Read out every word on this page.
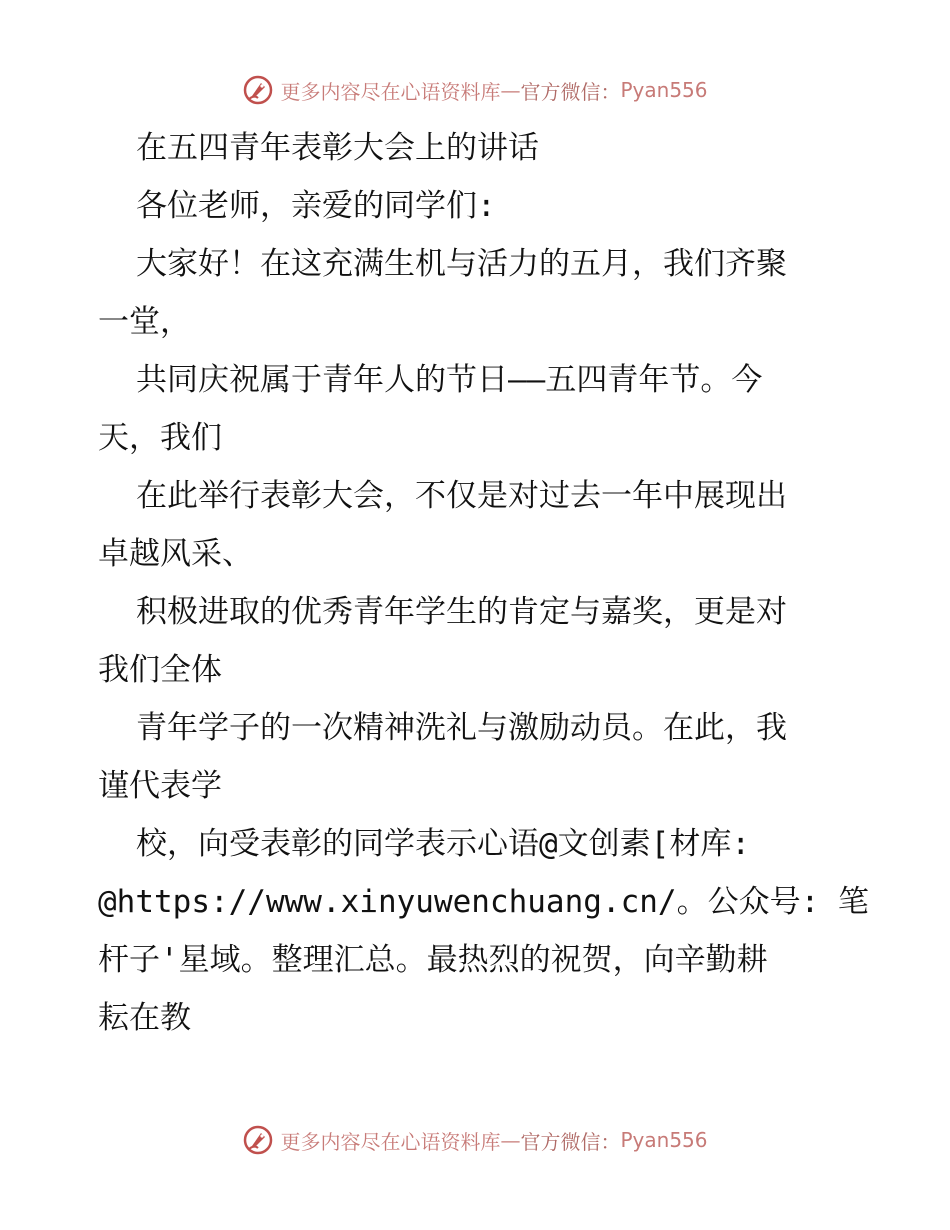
更多内容尽在心语资料库 — 官方微信： Pyan556
在五四青年表彰大会上的讲话
各位老师，亲爱的同学们:
大家好！在这充满生机与活力的五月，我们齐聚
一堂，
共同庆祝属于青年人的节日——五四青年节。今
天，我们
在此举行表彰大会，不仅是对过去一年中展现出
卓越风采、
积极进取的优秀青年学生的肯定与嘉奖，更是对
我们全体
青年学子的一次精神洗礼与激励动员。在此，我
谨代表学
校，向受表彰的同学表示心语@文创素[材库:
@https://www.xinyuwenchuang.cn/。公众号: 笔
杆子'星域。整理汇总。最热烈的祝贺，向辛勤耕
耘在教
更多内容尽在心语资料库 — 官方微信： Pyan556
